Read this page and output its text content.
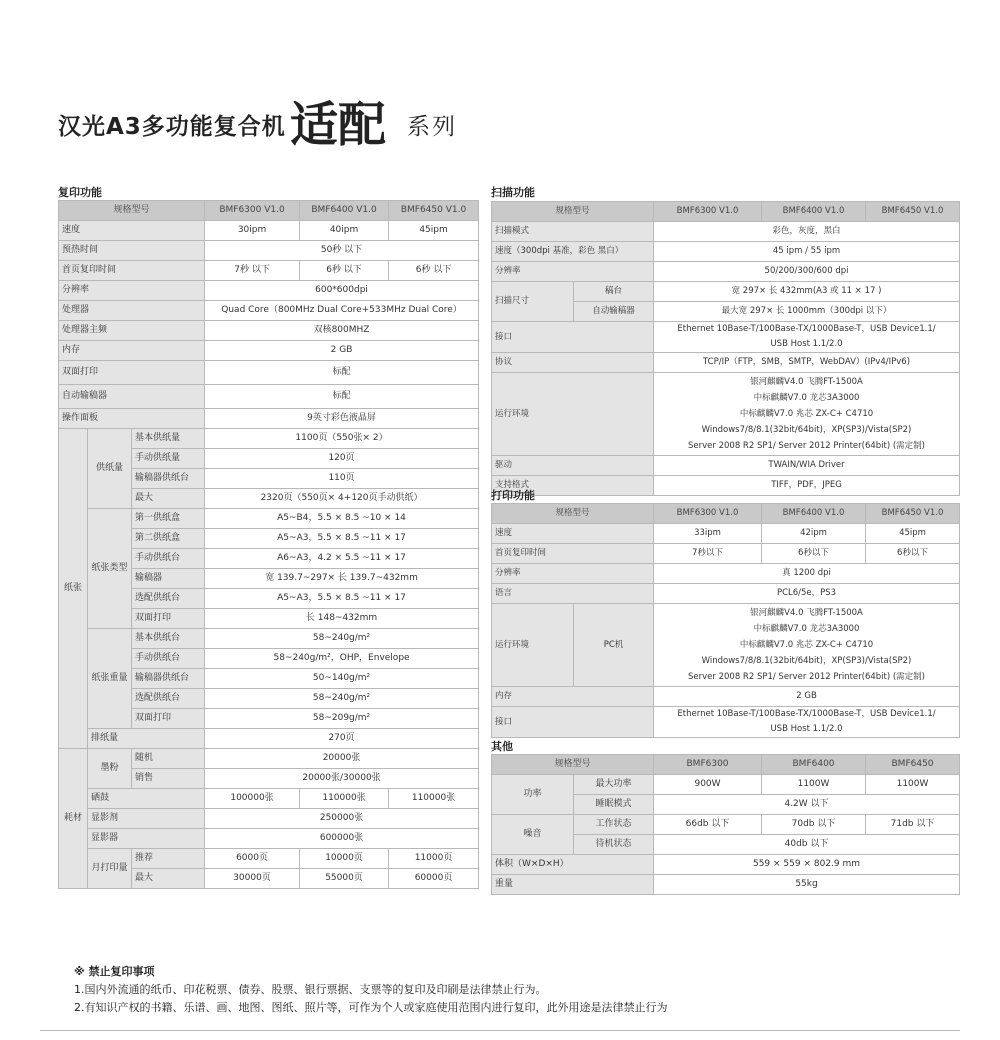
汉光A3多功能复合机 适配 系列
复印功能
规格型号			BMF6300 V1.0	BMF6400 V1.0	BMF6450 V1.0
速度			30ipm	40ipm	45ipm
预热时间			50秒 以下		
首页复印时间			7秒 以下	6秒 以下	6秒 以下
分辨率			600*600dpi		
处理器			Quad Core（800MHz Dual Core+533MHz Dual Core）		
处理器主频			双核800MHZ		
内存			2 GB		
双面打印			标配		
自动输稿器			标配		
操作面板			9英寸彩色液晶屏		
纸张	供纸量	基本供纸量	1100页（550张× 2）		
		手动供纸量	120页		
		输稿器供纸台	110页		
		最大	2320页（550页× 4+120页手动供纸）		
	纸张类型	第一供纸盒	A5~B4，5.5 × 8.5 ~10 × 14		
		第二供纸盒	A5~A3，5.5 × 8.5 ~11 × 17		
		手动供纸台	A6~A3，4.2 × 5.5 ~11 × 17		
		输稿器	宽 139.7~297× 长 139.7~432mm		
		选配供纸台	A5~A3，5.5 × 8.5 ~11 × 17		
		双面打印	长 148~432mm		
	纸张重量	基本供纸台	58~240g/m²		
		手动供纸台	58~240g/m²，OHP，Envelope		
		输稿器供纸台	50~140g/m²		
		选配供纸台	58~240g/m²		
		双面打印	58~209g/m²		
	排纸量		270页		
耗材	墨粉	随机	20000张		
		销售	20000张/30000张		
	硒鼓		100000张	110000张	110000张
	显影剂		250000张		
	显影器		600000张		
	月打印量	推荐	6000页	10000页	11000页
		最大	30000页	55000页	60000页
扫描功能
规格型号		BMF6300 V1.0	BMF6400 V1.0	BMF6450 V1.0
扫描模式		彩色，灰度，黑白		
速度（300dpi 基准，彩色 黑白）		45 ipm / 55 ipm		
分辨率		50/200/300/600 dpi		
扫描尺寸	稿台	宽 297× 长 432mm(A3 或 11 × 17 )		
	自动输稿器	最大宽 297× 长 1000mm（300dpi 以下）		
接口		Ethernet 10Base-T/100Base-TX/1000Base-T，USB Device1.1/
USB Host 1.1/2.0		

协议		TCP/IP（FTP，SMB，SMTP，WebDAV）(IPv4/IPv6)		
运行环境		银河麒麟V4.0 飞腾FT-1500A
中标麒麟V7.0 龙芯3A3000
中标麒麟V7.0 兆芯 ZX-C+ C4710
Windows7/8/8.1(32bit/64bit)，XP(SP3)/Vista(SP2)
Server 2008 R2 SP1/ Server 2012 Printer(64bit) (需定制)		

驱动		TWAIN/WIA Driver		
支持格式		TIFF，PDF，JPEG		
打印功能
规格型号		BMF6300 V1.0	BMF6400 V1.0	BMF6450 V1.0
速度		33ipm	42ipm	45ipm
首页复印时间		7秒以下	6秒以下	6秒以下
分辨率		真 1200 dpi		
语言		PCL6/5e，PS3		
运行环境	PC机	银河麒麟V4.0 飞腾FT-1500A
中标麒麟V7.0 龙芯3A3000
中标麒麟V7.0 兆芯 ZX-C+ C4710
Windows7/8/8.1(32bit/64bit)，XP(SP3)/Vista(SP2)
Server 2008 R2 SP1/ Server 2012 Printer(64bit) (需定制)		

内存		2 GB		
接口		Ethernet 10Base-T/100Base-TX/1000Base-T，USB Device1.1/
USB Host 1.1/2.0		
其他
规格型号		BMF6300	BMF6400	BMF6450
功率	最大功率	900W	1100W	1100W
	睡眠模式	4.2W 以下		
噪音	工作状态	66db 以下	70db 以下	71db 以下
	待机状态	40db 以下		
体积（W×D×H）		559 × 559 × 802.9 mm		
重量		55kg		
※ 禁止复印事项
1.国内外流通的纸币、印花税票、债券、股票、银行票据、支票等的复印及印刷是法律禁止行为。
2.有知识产权的书籍、乐谱、画、地图、图纸、照片等，可作为个人或家庭使用范围内进行复印，此外用途是法律禁止行为
